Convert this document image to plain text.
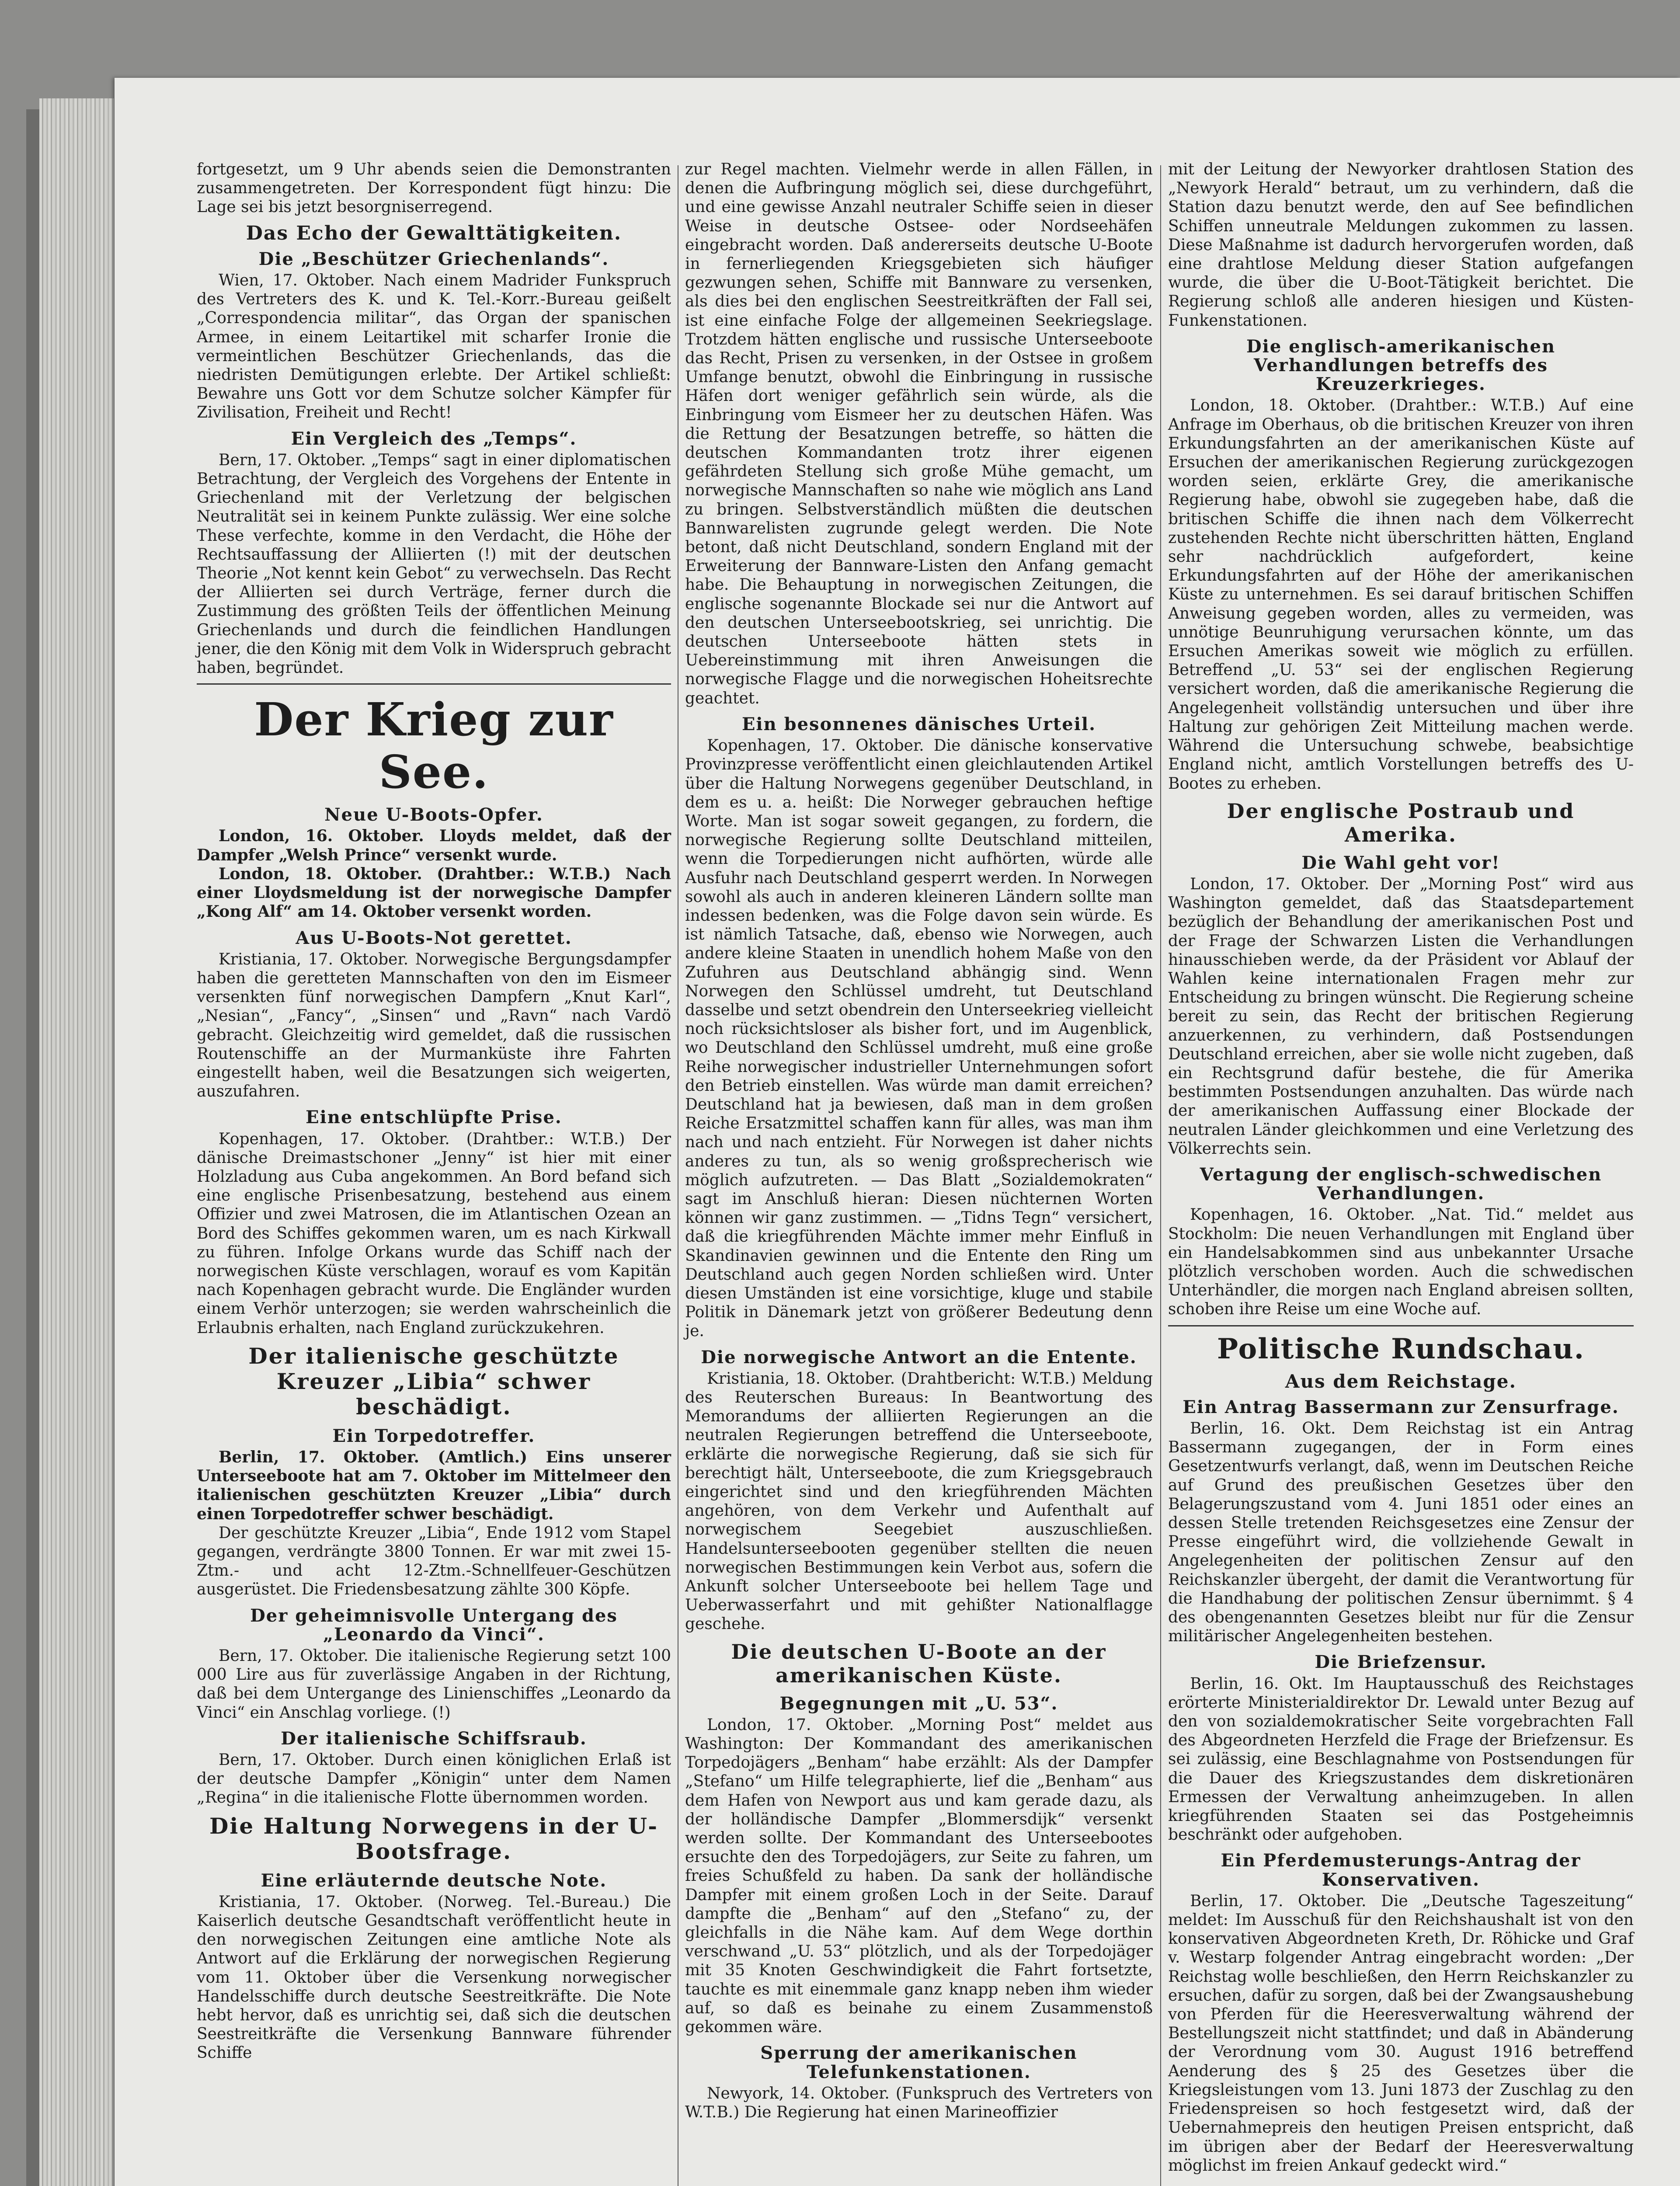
fortgesetzt, um 9 Uhr abends seien die Demonstranten zusammengetreten. Der Korrespondent fügt hinzu: Die Lage sei bis jetzt besorgniserregend.

Das Echo der Gewalttätigkeiten.
Die „Beschützer Griechenlands“.

Wien, 17. Oktober. Nach einem Madrider Funkspruch des Vertreters des K. und K. Tel.-Korr.-Bureau geißelt „Correspondencia militar“, das Organ der spanischen Armee, in einem Leitartikel mit scharfer Ironie die vermeintlichen Beschützer Griechenlands, das die niedristen Demütigungen erlebte. Der Artikel schließt: Bewahre uns Gott vor dem Schutze solcher Kämpfer für Zivilisation, Freiheit und Recht!

Ein Vergleich des „Temps“.

Bern, 17. Oktober. „Temps“ sagt in einer diplomatischen Betrachtung, der Vergleich des Vorgehens der Entente in Griechenland mit der Verletzung der belgischen Neutralität sei in keinem Punkte zulässig. Wer eine solche These verfechte, komme in den Verdacht, die Höhe der Rechtsauffassung der Alliierten (!) mit der deutschen Theorie „Not kennt kein Gebot“ zu verwechseln. Das Recht der Alliierten sei durch Verträge, ferner durch die Zustimmung des größten Teils der öffentlichen Meinung Griechenlands und durch die feindlichen Handlungen jener, die den König mit dem Volk in Widerspruch gebracht haben, begründet.

Der Krieg zur See.
Neue U-Boots-Opfer.

London, 16. Oktober. Lloyds meldet, daß der Dampfer „Welsh Prince“ versenkt wurde.

London, 18. Oktober. (Drahtber.: W.T.B.) Nach einer Lloydsmeldung ist der norwegische Dampfer „Kong Alf“ am 14. Oktober versenkt worden.

Aus U-Boots-Not gerettet.

Kristiania, 17. Oktober. Norwegische Bergungsdampfer haben die geretteten Mannschaften von den im Eismeer versenkten fünf norwegischen Dampfern „Knut Karl“, „Nesian“, „Fancy“, „Sinsen“ und „Ravn“ nach Vardö gebracht. Gleichzeitig wird gemeldet, daß die russischen Routenschiffe an der Murmanküste ihre Fahrten eingestellt haben, weil die Besatzungen sich weigerten, auszufahren.

Eine entschlüpfte Prise.

Kopenhagen, 17. Oktober. (Drahtber.: W.T.B.) Der dänische Dreimastschoner „Jenny“ ist hier mit einer Holzladung aus Cuba angekommen. An Bord befand sich eine englische Prisenbesatzung, bestehend aus einem Offizier und zwei Matrosen, die im Atlantischen Ozean an Bord des Schiffes gekommen waren, um es nach Kirkwall zu führen. Infolge Orkans wurde das Schiff nach der norwegischen Küste verschlagen, worauf es vom Kapitän nach Kopenhagen gebracht wurde. Die Engländer wurden einem Verhör unterzogen; sie werden wahrscheinlich die Erlaubnis erhalten, nach England zurückzukehren.

Der italienische geschützte Kreuzer „Libia“ schwer beschädigt.
Ein Torpedotreffer.

Berlin, 17. Oktober. (Amtlich.) Eins unserer Unterseeboote hat am 7. Oktober im Mittelmeer den italienischen geschützten Kreuzer „Libia“ durch einen Torpedotreffer schwer beschädigt.

Der geschützte Kreuzer „Libia“, Ende 1912 vom Stapel gegangen, verdrängte 3800 Tonnen. Er war mit zwei 15-Ztm.- und acht 12-Ztm.-Schnellfeuer-Geschützen ausgerüstet. Die Friedensbesatzung zählte 300 Köpfe.

Der geheimnisvolle Untergang des „Leonardo da Vinci“.

Bern, 17. Oktober. Die italienische Regierung setzt 100 000 Lire aus für zuverlässige Angaben in der Richtung, daß bei dem Untergange des Linienschiffes „Leonardo da Vinci“ ein Anschlag vorliege. (!)

Der italienische Schiffsraub.

Bern, 17. Oktober. Durch einen königlichen Erlaß ist der deutsche Dampfer „Königin“ unter dem Namen „Regina“ in die italienische Flotte übernommen worden.

Die Haltung Norwegens in der U-Bootsfrage.
Eine erläuternde deutsche Note.

Kristiania, 17. Oktober. (Norweg. Tel.-Bureau.) Die Kaiserlich deutsche Gesandtschaft veröffentlicht heute in den norwegischen Zeitungen eine amtliche Note als Antwort auf die Erklärung der norwegischen Regierung vom 11. Oktober über die Versenkung norwegischer Handelsschiffe durch deutsche Seestreitkräfte. Die Note hebt hervor, daß es unrichtig sei, daß sich die deutschen Seestreitkräfte die Versenkung Bannware führender Schiffe

zur Regel machten. Vielmehr werde in allen Fällen, in denen die Aufbringung möglich sei, diese durchgeführt, und eine gewisse Anzahl neutraler Schiffe seien in dieser Weise in deutsche Ostsee- oder Nordseehäfen eingebracht worden. Daß andererseits deutsche U-Boote in fernerliegenden Kriegsgebieten sich häufiger gezwungen sehen, Schiffe mit Bannware zu versenken, als dies bei den englischen Seestreitkräften der Fall sei, ist eine einfache Folge der allgemeinen Seekriegslage. Trotzdem hätten englische und russische Unterseeboote das Recht, Prisen zu versenken, in der Ostsee in großem Umfange benutzt, obwohl die Einbringung in russische Häfen dort weniger gefährlich sein würde, als die Einbringung vom Eismeer her zu deutschen Häfen. Was die Rettung der Besatzungen betreffe, so hätten die deutschen Kommandanten trotz ihrer eigenen gefährdeten Stellung sich große Mühe gemacht, um norwegische Mannschaften so nahe wie möglich ans Land zu bringen. Selbstverständlich müßten die deutschen Bannwarelisten zugrunde gelegt werden. Die Note betont, daß nicht Deutschland, sondern England mit der Erweiterung der Bannware-Listen den Anfang gemacht habe. Die Behauptung in norwegischen Zeitungen, die englische sogenannte Blockade sei nur die Antwort auf den deutschen Unterseebootskrieg, sei unrichtig. Die deutschen Unterseeboote hätten stets in Uebereinstimmung mit ihren Anweisungen die norwegische Flagge und die norwegischen Hoheitsrechte geachtet.

Ein besonnenes dänisches Urteil.

Kopenhagen, 17. Oktober. Die dänische konservative Provinzpresse veröffentlicht einen gleichlautenden Artikel über die Haltung Norwegens gegenüber Deutschland, in dem es u. a. heißt: Die Norweger gebrauchen heftige Worte. Man ist sogar soweit gegangen, zu fordern, die norwegische Regierung sollte Deutschland mitteilen, wenn die Torpedierungen nicht aufhörten, würde alle Ausfuhr nach Deutschland gesperrt werden. In Norwegen sowohl als auch in anderen kleineren Ländern sollte man indessen bedenken, was die Folge davon sein würde. Es ist nämlich Tatsache, daß, ebenso wie Norwegen, auch andere kleine Staaten in unendlich hohem Maße von den Zufuhren aus Deutschland abhängig sind. Wenn Norwegen den Schlüssel umdreht, tut Deutschland dasselbe und setzt obendrein den Unterseekrieg vielleicht noch rücksichtsloser als bisher fort, und im Augenblick, wo Deutschland den Schlüssel umdreht, muß eine große Reihe norwegischer industrieller Unternehmungen sofort den Betrieb einstellen. Was würde man damit erreichen? Deutschland hat ja bewiesen, daß man in dem großen Reiche Ersatzmittel schaffen kann für alles, was man ihm nach und nach entzieht. Für Norwegen ist daher nichts anderes zu tun, als so wenig großsprecherisch wie möglich aufzutreten. — Das Blatt „Sozialdemokraten“ sagt im Anschluß hieran: Diesen nüchternen Worten können wir ganz zustimmen. — „Tidns Tegn“ versichert, daß die kriegführenden Mächte immer mehr Einfluß in Skandinavien gewinnen und die Entente den Ring um Deutschland auch gegen Norden schließen wird. Unter diesen Umständen ist eine vorsichtige, kluge und stabile Politik in Dänemark jetzt von größerer Bedeutung denn je.

Die norwegische Antwort an die Entente.

Kristiania, 18. Oktober. (Drahtbericht: W.T.B.) Meldung des Reuterschen Bureaus: In Beantwortung des Memorandums der alliierten Regierungen an die neutralen Regierungen betreffend die Unterseeboote, erklärte die norwegische Regierung, daß sie sich für berechtigt hält, Unterseeboote, die zum Kriegsgebrauch eingerichtet sind und den kriegführenden Mächten angehören, von dem Verkehr und Aufenthalt auf norwegischem Seegebiet auszuschließen. Handelsunterseebooten gegenüber stellten die neuen norwegischen Bestimmungen kein Verbot aus, sofern die Ankunft solcher Unterseeboote bei hellem Tage und Ueberwasserfahrt und mit gehißter Nationalflagge geschehe.

Die deutschen U-Boote an der amerikanischen Küste.
Begegnungen mit „U. 53“.

London, 17. Oktober. „Morning Post“ meldet aus Washington: Der Kommandant des amerikanischen Torpedojägers „Benham“ habe erzählt: Als der Dampfer „Stefano“ um Hilfe telegraphierte, lief die „Benham“ aus dem Hafen von Newport aus und kam gerade dazu, als der holländische Dampfer „Blommersdijk“ versenkt werden sollte. Der Kommandant des Unterseebootes ersuchte den des Torpedojägers, zur Seite zu fahren, um freies Schußfeld zu haben. Da sank der holländische Dampfer mit einem großen Loch in der Seite. Darauf dampfte die „Benham“ auf den „Stefano“ zu, der gleichfalls in die Nähe kam. Auf dem Wege dorthin verschwand „U. 53“ plötzlich, und als der Torpedojäger mit 35 Knoten Geschwindigkeit die Fahrt fortsetzte, tauchte es mit einemmale ganz knapp neben ihm wieder auf, so daß es beinahe zu einem Zusammenstoß gekommen wäre.

Sperrung der amerikanischen Telefunkenstationen.

Newyork, 14. Oktober. (Funkspruch des Vertreters von W.T.B.) Die Regierung hat einen Marineoffizier

mit der Leitung der Newyorker drahtlosen Station des „Newyork Herald“ betraut, um zu verhindern, daß die Station dazu benutzt werde, den auf See befindlichen Schiffen unneutrale Meldungen zukommen zu lassen. Diese Maßnahme ist dadurch hervorgerufen worden, daß eine drahtlose Meldung dieser Station aufgefangen wurde, die über die U-Boot-Tätigkeit berichtet. Die Regierung schloß alle anderen hiesigen und Küsten-Funkenstationen.

Die englisch-amerikanischen Verhandlungen betreffs des Kreuzerkrieges.

London, 18. Oktober. (Drahtber.: W.T.B.) Auf eine Anfrage im Oberhaus, ob die britischen Kreuzer von ihren Erkundungsfahrten an der amerikanischen Küste auf Ersuchen der amerikanischen Regierung zurückgezogen worden seien, erklärte Grey, die amerikanische Regierung habe, obwohl sie zugegeben habe, daß die britischen Schiffe die ihnen nach dem Völkerrecht zustehenden Rechte nicht überschritten hätten, England sehr nachdrücklich aufgefordert, keine Erkundungsfahrten auf der Höhe der amerikanischen Küste zu unternehmen. Es sei darauf britischen Schiffen Anweisung gegeben worden, alles zu vermeiden, was unnötige Beunruhigung verursachen könnte, um das Ersuchen Amerikas soweit wie möglich zu erfüllen. Betreffend „U. 53“ sei der englischen Regierung versichert worden, daß die amerikanische Regierung die Angelegenheit vollständig untersuchen und über ihre Haltung zur gehörigen Zeit Mitteilung machen werde. Während die Untersuchung schwebe, beabsichtige England nicht, amtlich Vorstellungen betreffs des U-Bootes zu erheben.

Der englische Postraub und Amerika.
Die Wahl geht vor!

London, 17. Oktober. Der „Morning Post“ wird aus Washington gemeldet, daß das Staatsdepartement bezüglich der Behandlung der amerikanischen Post und der Frage der Schwarzen Listen die Verhandlungen hinausschieben werde, da der Präsident vor Ablauf der Wahlen keine internationalen Fragen mehr zur Entscheidung zu bringen wünscht. Die Regierung scheine bereit zu sein, das Recht der britischen Regierung anzuerkennen, zu verhindern, daß Postsendungen Deutschland erreichen, aber sie wolle nicht zugeben, daß ein Rechtsgrund dafür bestehe, die für Amerika bestimmten Postsendungen anzuhalten. Das würde nach der amerikanischen Auffassung einer Blockade der neutralen Länder gleichkommen und eine Verletzung des Völkerrechts sein.

Vertagung der englisch-schwedischen Verhandlungen.

Kopenhagen, 16. Oktober. „Nat. Tid.“ meldet aus Stockholm: Die neuen Verhandlungen mit England über ein Handelsabkommen sind aus unbekannter Ursache plötzlich verschoben worden. Auch die schwedischen Unterhändler, die morgen nach England abreisen sollten, schoben ihre Reise um eine Woche auf.

Politische Rundschau.
Aus dem Reichstage.
Ein Antrag Bassermann zur Zensurfrage.

Berlin, 16. Okt. Dem Reichstag ist ein Antrag Bassermann zugegangen, der in Form eines Gesetzentwurfs verlangt, daß, wenn im Deutschen Reiche auf Grund des preußischen Gesetzes über den Belagerungszustand vom 4. Juni 1851 oder eines an dessen Stelle tretenden Reichsgesetzes eine Zensur der Presse eingeführt wird, die vollziehende Gewalt in Angelegenheiten der politischen Zensur auf den Reichskanzler übergeht, der damit die Verantwortung für die Handhabung der politischen Zensur übernimmt. § 4 des obengenannten Gesetzes bleibt nur für die Zensur militärischer Angelegenheiten bestehen.

Die Briefzensur.

Berlin, 16. Okt. Im Hauptausschuß des Reichstages erörterte Ministerialdirektor Dr. Lewald unter Bezug auf den von sozialdemokratischer Seite vorgebrachten Fall des Abgeordneten Herzfeld die Frage der Briefzensur. Es sei zulässig, eine Beschlagnahme von Postsendungen für die Dauer des Kriegszustandes dem diskretionären Ermessen der Verwaltung anheimzugeben. In allen kriegführenden Staaten sei das Postgeheimnis beschränkt oder aufgehoben.

Ein Pferdemusterungs-Antrag der Konservativen.

Berlin, 17. Oktober. Die „Deutsche Tageszeitung“ meldet: Im Ausschuß für den Reichshaushalt ist von den konservativen Abgeordneten Kreth, Dr. Röhicke und Graf v. Westarp folgender Antrag eingebracht worden: „Der Reichstag wolle beschließen, den Herrn Reichskanzler zu ersuchen, dafür zu sorgen, daß bei der Zwangsaushebung von Pferden für die Heeresverwaltung während der Bestellungszeit nicht stattfindet; und daß in Abänderung der Verordnung vom 30. August 1916 betreffend Aenderung des § 25 des Gesetzes über die Kriegsleistungen vom 13. Juni 1873 der Zuschlag zu den Friedenspreisen so hoch festgesetzt wird, daß der Uebernahmepreis den heutigen Preisen entspricht, daß im übrigen aber der Bedarf der Heeresverwaltung möglichst im freien Ankauf gedeckt wird.“
